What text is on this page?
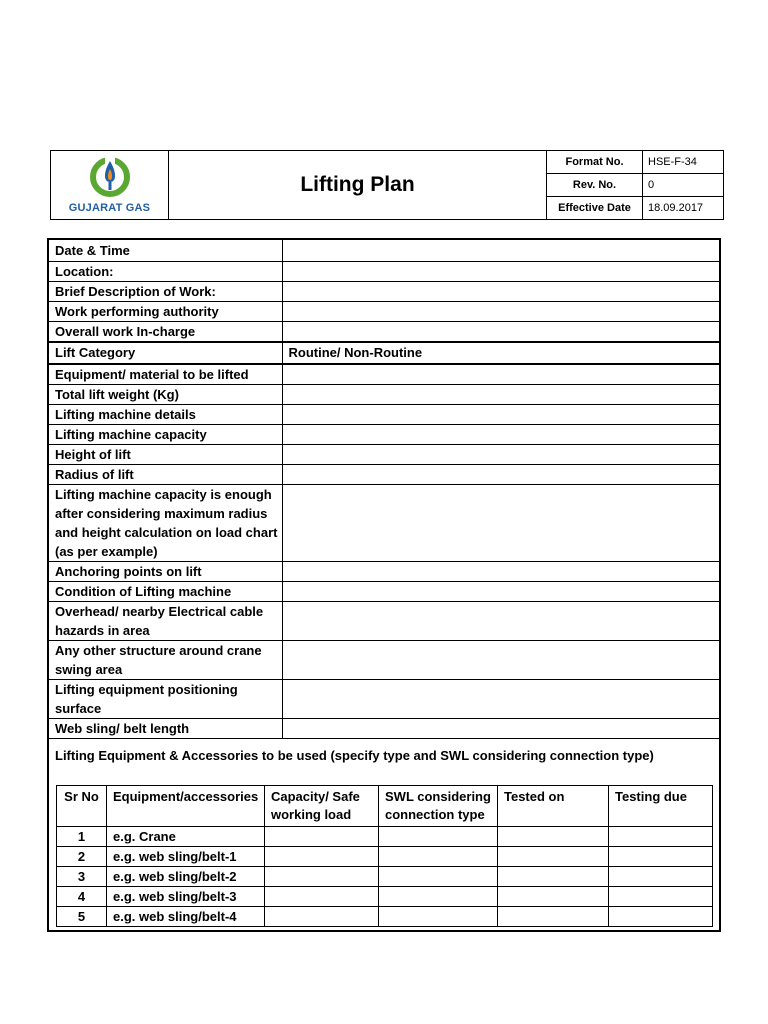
GUJARAT GAS	Lifting Plan	Format No.	HSE-F-34
		Rev. No.	0
		Effective Date	18.09.2017
Date & Time	
Location:	
Brief Description of Work:	
Work performing authority	
Overall work In-charge	
Lift Category	Routine/ Non-Routine
Equipment/ material to be lifted	
Total lift weight (Kg)	
Lifting machine details	
Lifting machine capacity	
Height of lift	
Radius of lift	
Lifting machine capacity is enough after considering maximum radius and height calculation on load chart (as per example)	
Anchoring points on lift	
Condition of Lifting machine	
Overhead/ nearby Electrical cable hazards in area	
Any other structure around crane swing area	
Lifting equipment positioning surface	
Web sling/ belt length	
Lifting Equipment & Accessories to be used (specify type and SWL considering connection type)
Sr No	Equipment/accessories	Capacity/ Safe working load	SWL considering connection type	Tested on	Testing due
1	e.g. Crane				
2	e.g. web sling/belt-1				
3	e.g. web sling/belt-2				
4	e.g. web sling/belt-3				
5	e.g. web sling/belt-4				
